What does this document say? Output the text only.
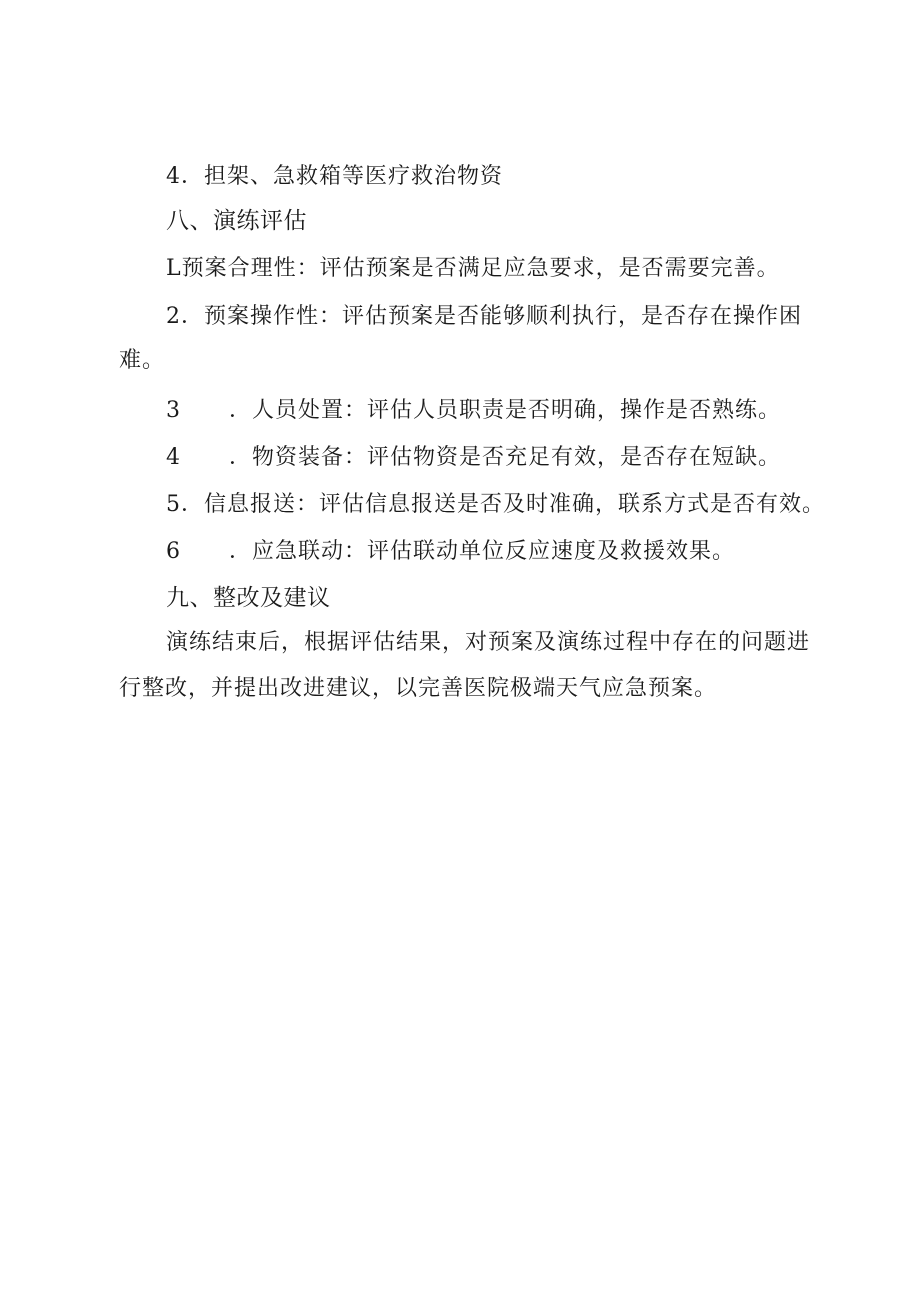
4．担架、急救箱等医疗救治物资
八、演练评估
L预案合理性：评估预案是否满足应急要求，是否需要完善。
2．预案操作性：评估预案是否能够顺利执行，是否存在操作困
难。
3 ．人员处置：评估人员职责是否明确，操作是否熟练。
4 ．物资装备：评估物资是否充足有效，是否存在短缺。
5．信息报送：评估信息报送是否及时准确，联系方式是否有效。
6 ．应急联动：评估联动单位反应速度及救援效果。
九、整改及建议
演练结束后，根据评估结果，对预案及演练过程中存在的问题进
行整改，并提出改进建议，以完善医院极端天气应急预案。
